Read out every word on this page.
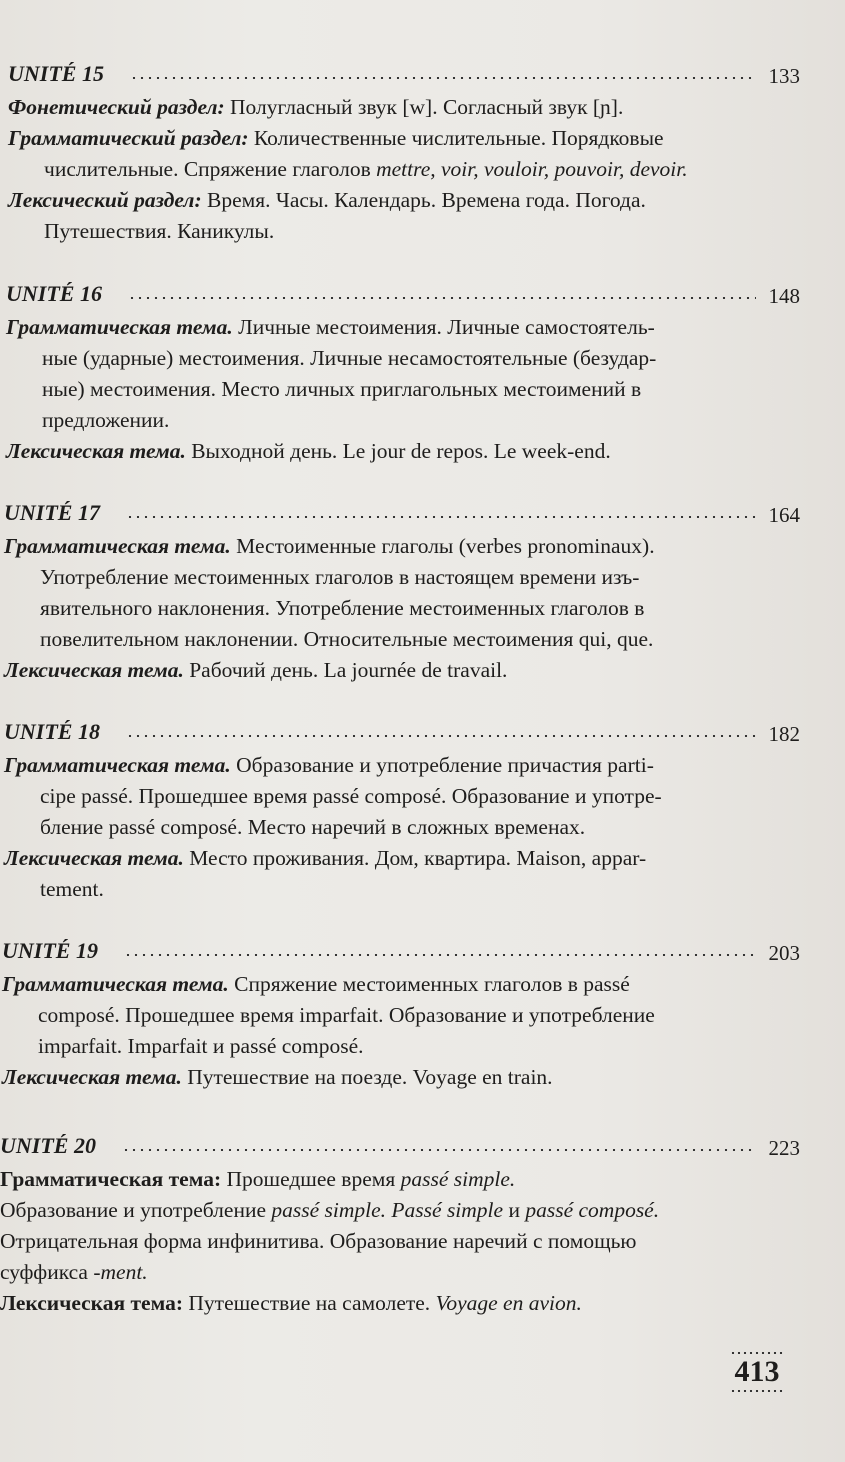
UNITÉ 15	133

Фонетический раздел: Полугласный звук [w]. Согласный звук [ɲ].

Грамматический раздел: Количественные числительные. Порядковые

числительные. Спряжение глаголов mettre, voir, vouloir, pouvoir, devoir.

Лексический раздел: Время. Часы. Календарь. Времена года. Погода.

Путешествия. Каникулы.

UNITÉ 16	148

Грамматическая тема. Личные местоимения. Личные самостоятель-

ные (ударные) местоимения. Личные несамостоятельные (безудар-

ные) местоимения. Место личных приглагольных местоимений в

предложении.

Лексическая тема. Выходной день. Le jour de repos. Le week-end.

UNITÉ 17	164

Грамматическая тема. Местоименные глаголы (verbes pronominaux).

Употребление местоименных глаголов в настоящем времени изъ-

явительного наклонения. Употребление местоименных глаголов в

повелительном наклонении. Относительные местоимения qui, que.

Лексическая тема. Рабочий день. La journée de travail.

UNITÉ 18	182

Грамматическая тема. Образование и употребление причастия parti-

cipe passé. Прошедшее время passé composé. Образование и употре-

бление passé composé. Место наречий в сложных временах.

Лексическая тема. Место проживания. Дом, квартира. Maison, appar-

tement.

UNITÉ 19	203

Грамматическая тема. Спряжение местоименных глаголов в passé

composé. Прошедшее время imparfait. Образование и употребление

imparfait. Imparfait и passé composé.

Лексическая тема. Путешествие на поезде. Voyage en train.

UNITÉ 20	223

Грамматическая тема: Прошедшее время passé simple.

Образование и употребление passé simple. Passé simple и passé composé.

Отрицательная форма инфинитива. Образование наречий с помощью

суффикса -ment.

Лексическая тема: Путешествие на самолете. Voyage en avion.

413
